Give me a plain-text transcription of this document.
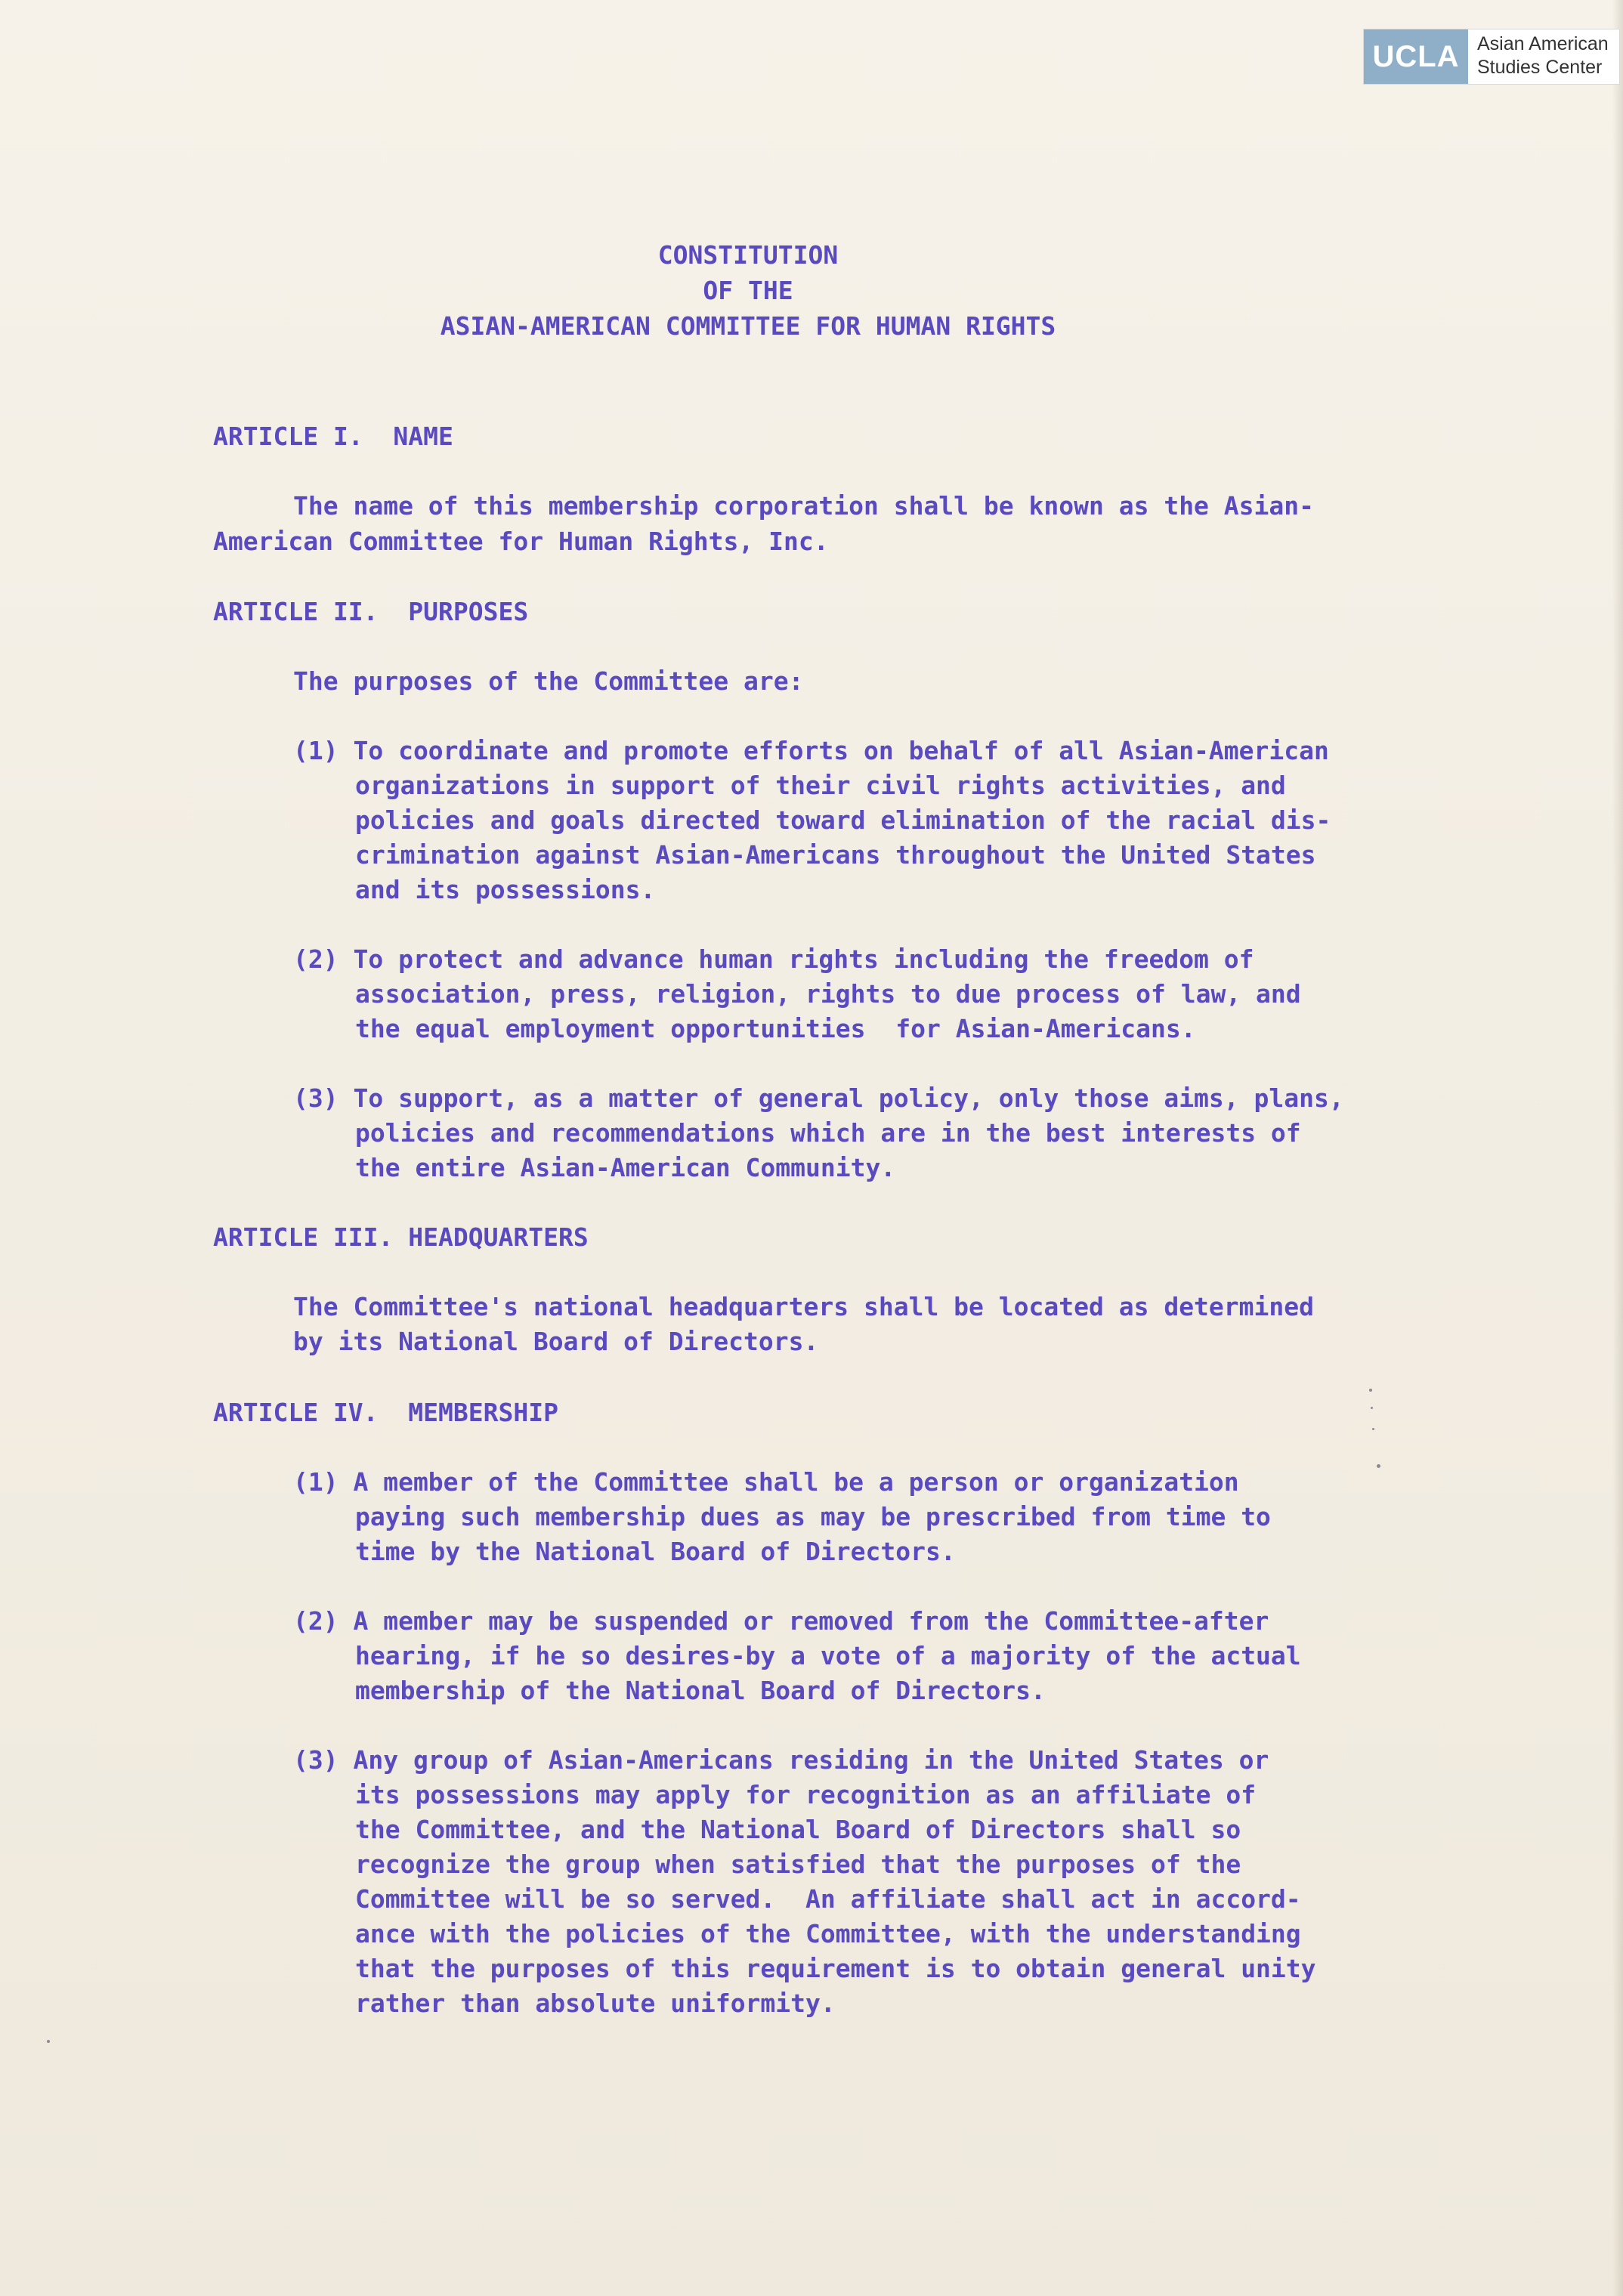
UCLA Asian American
Studies Center
CONSTITUTION
OF THE
ASIAN-AMERICAN COMMITTEE FOR HUMAN RIGHTS
ARTICLE I.  NAME
The name of this membership corporation shall be known as the Asian-
American Committee for Human Rights, Inc.
ARTICLE II.  PURPOSES
The purposes of the Committee are:
(1) To coordinate and promote efforts on behalf of all Asian-American
organizations in support of their civil rights activities, and
policies and goals directed toward elimination of the racial dis-
crimination against Asian-Americans throughout the United States
and its possessions.
(2) To protect and advance human rights including the freedom of
association, press, religion, rights to due process of law, and
the equal employment opportunities  for Asian-Americans.
(3) To support, as a matter of general policy, only those aims, plans,
policies and recommendations which are in the best interests of
the entire Asian-American Community.
ARTICLE III. HEADQUARTERS
The Committee's national headquarters shall be located as determined
by its National Board of Directors.
ARTICLE IV.  MEMBERSHIP
(1) A member of the Committee shall be a person or organization
paying such membership dues as may be prescribed from time to
time by the National Board of Directors.
(2) A member may be suspended or removed from the Committee-after
hearing, if he so desires-by a vote of a majority of the actual
membership of the National Board of Directors.
(3) Any group of Asian-Americans residing in the United States or
its possessions may apply for recognition as an affiliate of
the Committee, and the National Board of Directors shall so
recognize the group when satisfied that the purposes of the
Committee will be so served.  An affiliate shall act in accord-
ance with the policies of the Committee, with the understanding
that the purposes of this requirement is to obtain general unity
rather than absolute uniformity.
